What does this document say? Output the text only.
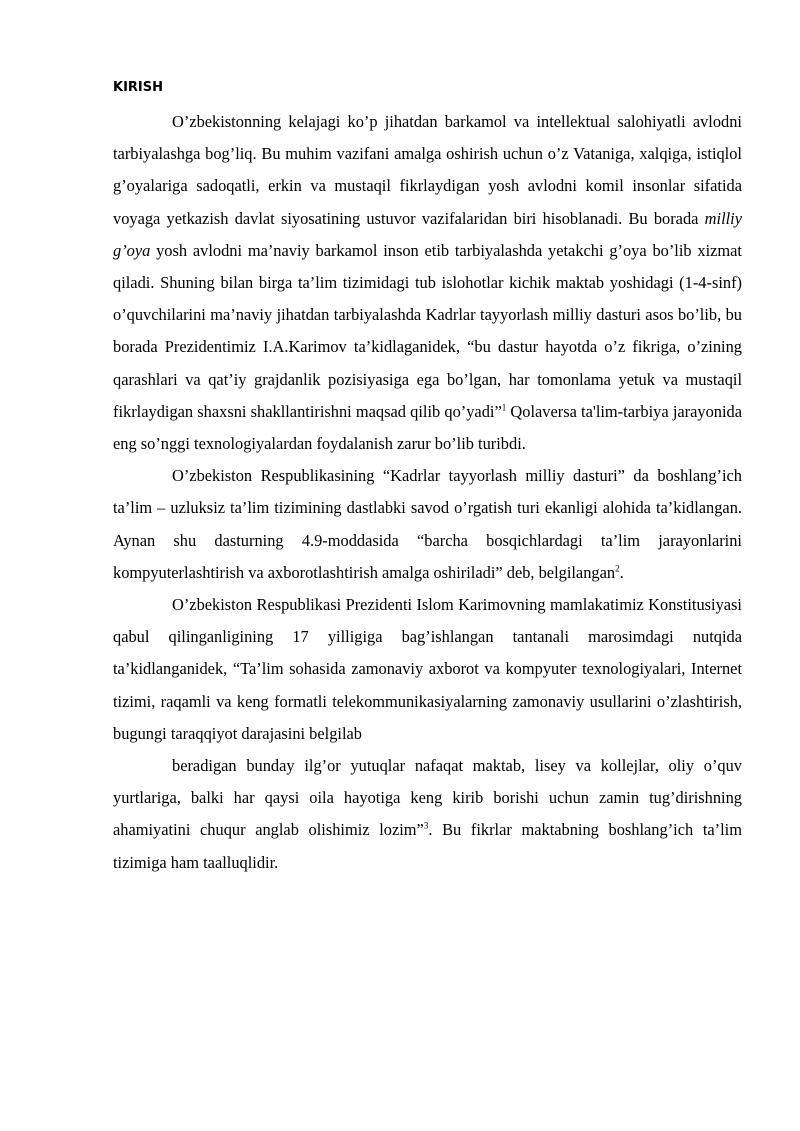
KIRISH

O’zbekistonning kelajagi ko’p jihatdan barkamol va intellektual salohiyatli avlodni tarbiyalashga bog’liq. Bu muhim vazifani amalga oshirish uchun o’z Vataniga, xalqiga, istiqlol g’oyalariga sadoqatli, erkin va mustaqil fikrlaydigan yosh avlodni komil insonlar sifatida voyaga yetkazish davlat siyosatining ustuvor vazifalaridan biri hisoblanadi. Bu borada milliy g’oya yosh avlodni ma’naviy barkamol inson etib tarbiyalashda yetakchi g’oya bo’lib xizmat qiladi. Shuning bilan birga ta’lim tizimidagi tub islohotlar kichik maktab yoshidagi (1-4-sinf) o’quvchilarini ma’naviy jihatdan tarbiyalashda Kadrlar tayyorlash milliy dasturi asos bo’lib, bu borada Prezidentimiz I.A.Karimov ta’kidlaganidek, “bu dastur hayotda o’z fikriga, o’zining qarashlari va qat’iy grajdanlik pozisiyasiga ega bo’lgan, har tomonlama yetuk va mustaqil fikrlaydigan shaxsni shakllantirishni maqsad qilib qo’yadi”$^1$ Qolaversa ta'lim-tarbiya jarayonida eng so’nggi texnologiyalardan foydalanish zarur bo’lib turibdi.

O’zbekiston Respublikasining “Kadrlar tayyorlash milliy dasturi” da boshlang’ich ta’lim – uzluksiz ta’lim tizimining dastlabki savod o’rgatish turi ekanligi alohida ta’kidlangan. Aynan shu dasturning 4.9-moddasida “barcha bosqichlardagi ta’lim jarayonlarini kompyuterlashtirish va axborotlashtirish amalga oshiriladi” deb, belgilangan$^2$.

O’zbekiston Respublikasi Prezidenti Islom Karimovning mamlakatimiz Konstitusiyasi qabul qilinganligining 17 yilligiga bag’ishlangan tantanali marosimdagi nutqida ta’kidlanganidek, “Ta’lim sohasida zamonaviy axborot va kompyuter texnologiyalari, Internet tizimi, raqamli va keng formatli telekommunikasiyalarning zamonaviy usullarini o’zlashtirish, bugungi taraqqiyot darajasini belgilab

beradigan bunday ilg’or yutuqlar nafaqat maktab, lisey va kollejlar, oliy o’quv yurtlariga, balki har qaysi oila hayotiga keng kirib borishi uchun zamin tug’dirishning ahamiyatini chuqur anglab olishimiz lozim”$^3$. Bu fikrlar maktabning boshlang’ich ta’lim tizimiga ham taalluqlidir.
